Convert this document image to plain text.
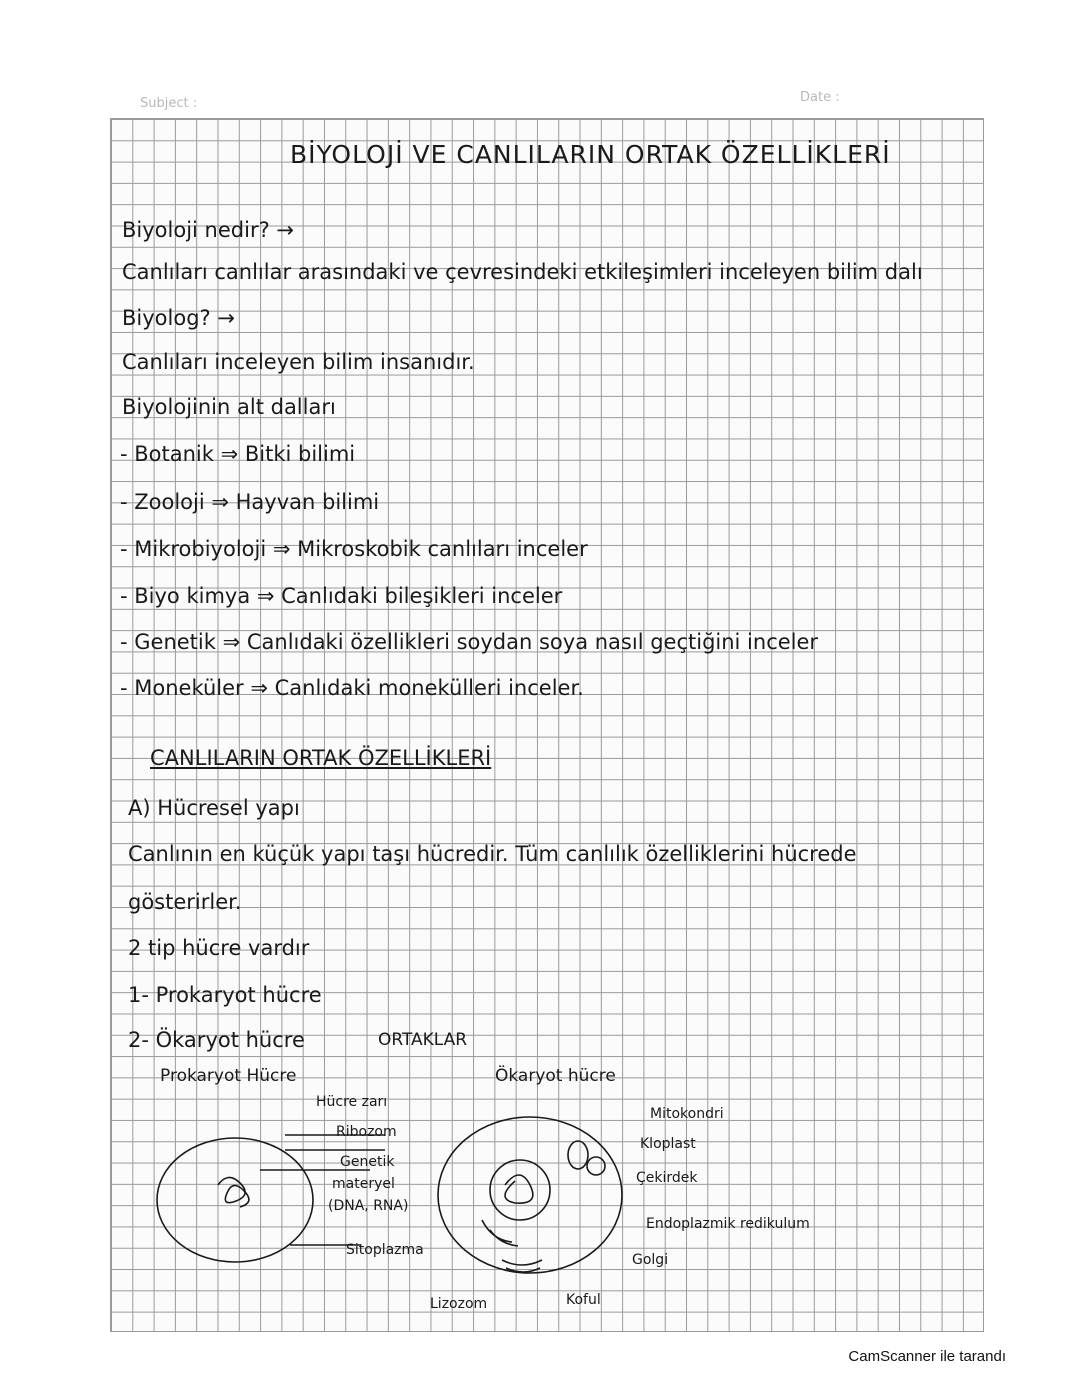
Subject :	Date :
BİYOLOJİ VE CANLILARIN ORTAK ÖZELLİKLERİ
Biyoloji nedir? →
Canlıları canlılar arasındaki ve çevresindeki etkileşimleri inceleyen bilim dalı
Biyolog? →
Canlıları inceleyen bilim insanıdır.
Biyolojinin alt dalları
- Botanik ⇒ Bitki bilimi
- Zooloji ⇒ Hayvan bilimi
- Mikrobiyoloji ⇒ Mikroskobik canlıları inceler
- Biyo kimya ⇒ Canlıdaki bileşikleri inceler
- Genetik ⇒ Canlıdaki özellikleri soydan soya nasıl geçtiğini inceler
- Moneküler ⇒ Canlıdaki monekülleri inceler.
CANLILARIN ORTAK ÖZELLİKLERİ
A) Hücresel yapı
Canlının en küçük yapı taşı hücredir. Tüm canlılık özelliklerini hücrede
gösterirler.
2 tip hücre vardır
1- Prokaryot hücre
2- Ökaryot hücre	ORTAKLAR
Prokaryot Hücre	Ökaryot hücre
Hücre zarı
Ribozom
Genetik
materyel
(DNA, RNA)
Sitoplazma
Mitokondri
Kloplast
Çekirdek
Endoplazmik redikulum
Golgi
Lizozom	Koful
CamScanner ile tarandı
